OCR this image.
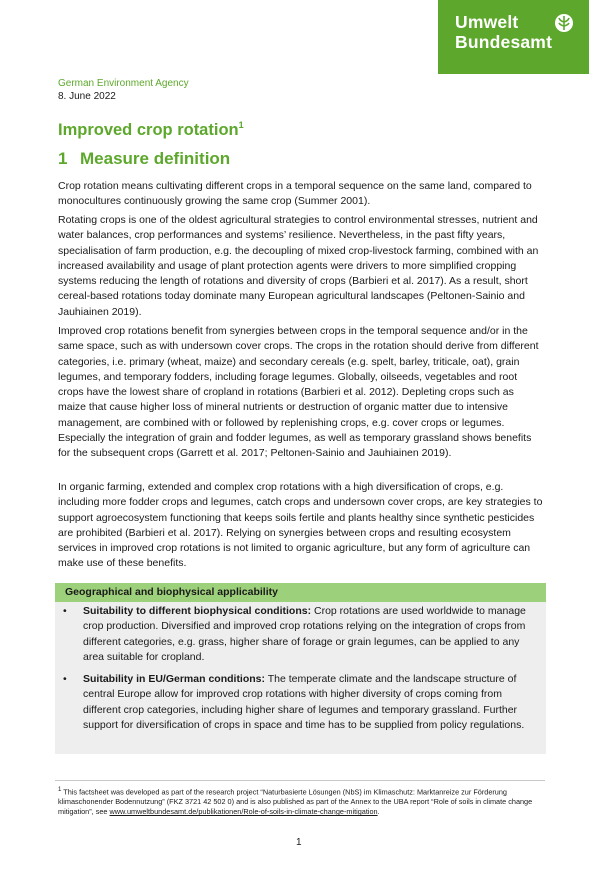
Umwelt
Bundesamt
German Environment Agency
8. June 2022
Improved crop rotation$^1$
1 Measure definition

Crop rotation means cultivating different crops in a temporal sequence on the same land, compared to monocultures continuously growing the same crop (Summer 2001).

Rotating crops is one of the oldest agricultural strategies to control environmental stresses, nutrient and water balances, crop performances and systems’ resilience. Nevertheless, in the past fifty years, specialisation of farm production, e.g. the decoupling of mixed crop-livestock farming, combined with an increased availability and usage of plant protection agents were drivers to more simplified cropping systems reducing the length of rotations and diversity of crops (Barbieri et al. 2017). As a result, short cereal-based rotations today dominate many European agricultural landscapes (Peltonen-Sainio and Jauhiainen 2019).

Improved crop rotations benefit from synergies between crops in the temporal sequence and/or in the same space, such as with undersown cover crops. The crops in the rotation should derive from different categories, i.e. primary (wheat, maize) and secondary cereals (e.g. spelt, barley, triticale, oat), grain legumes, and temporary fodders, including forage legumes. Globally, oilseeds, vegetables and root crops have the lowest share of cropland in rotations (Barbieri et al. 2012). Depleting crops such as maize that cause higher loss of mineral nutrients or destruction of organic matter due to intensive management, are combined with or followed by replenishing crops, e.g. cover crops or legumes. Especially the integration of grain and fodder legumes, as well as temporary grassland shows benefits for the subsequent crops (Garrett et al. 2017; Peltonen-Sainio and Jauhiainen 2019).

In organic farming, extended and complex crop rotations with a high diversification of crops, e.g. including more fodder crops and legumes, catch crops and undersown cover crops, are key strategies to support agroecosystem functioning that keeps soils fertile and plants healthy since synthetic pesticides are prohibited (Barbieri et al. 2017). Relying on synergies between crops and resulting ecosystem services in improved crop rotations is not limited to organic agriculture, but any form of agriculture can make use of these benefits.

Geographical and biophysical applicability
• Suitability to different biophysical conditions: Crop rotations are used worldwide to manage crop production. Diversified and improved crop rotations relying on the integration of crops from different categories, e.g. grass, higher share of forage or grain legumes, can be applied to any area suitable for cropland.
• Suitability in EU/German conditions: The temperate climate and the landscape structure of central Europe allow for improved crop rotations with higher diversity of crops coming from different crop categories, including higher share of legumes and temporary grassland. Further support for diversification of crops in space and time has to be supplied from policy regulations.
$^1$ This factsheet was developed as part of the research project “Naturbasierte Lösungen (NbS) im Klimaschutz: Marktanreize zur Förderung klimaschonender Bodennutzung” (FKZ 3721 42 502 0) and is also published as part of the Annex to the UBA report “Role of soils in climate change mitigation”, see www.umweltbundesamt.de/publikationen/Role-of-soils-in-climate-change-mitigation.
1
